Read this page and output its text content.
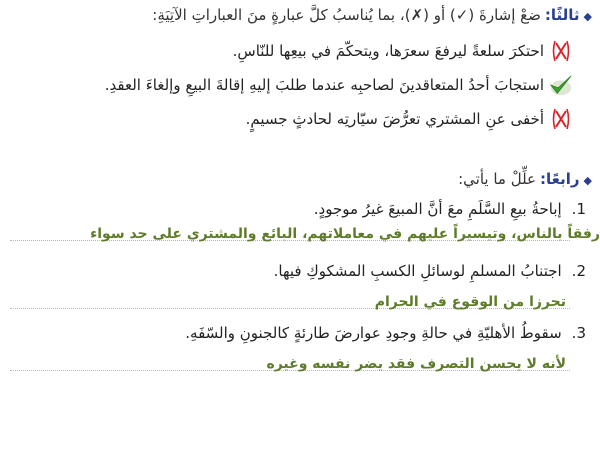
◆ثالثًا:ضعْ إشارةَ (✓) أو (✗)، بما يُناسبُ كلَّ عبارةٍ منَ العباراتِ الآتِيَةِ:
احتكرَ سلعةً ليرفعَ سعرَها، ويتحكّمَ في بيعِها للنّاسِ.
استجابَ أحدُ المتعاقدينَ لصاحبِه عندما طلبَ إليهِ إقالةَ البيعِ وإلغاءَ العقدِ.
أخفى عنِ المشتري تعرُّضَ سيّارتِه لحادثٍ جسيمٍ.
◆رابعًا:علِّلْ ما يأتي:
1.إباحةُ بيعِ السَّلَمِ معَ أنَّ المبيعَ غيرُ موجودٍ.
رفقاً بالناس، وتيسيراً عليهم في معاملاتهم، البائع والمشتري على حد سواء
2.اجتنابُ المسلمِ لوسائلِ الكسبِ المشكوكِ فيها.
تحرزا من الوقوع في الحرام
3.سقوطُ الأهليّةِ في حالةِ وجودِ عوارضَ طارئةٍ كالجنونِ والسّفَهِ.
لأنه لا يحسن التصرف فقد يضر نفسه وغيره
